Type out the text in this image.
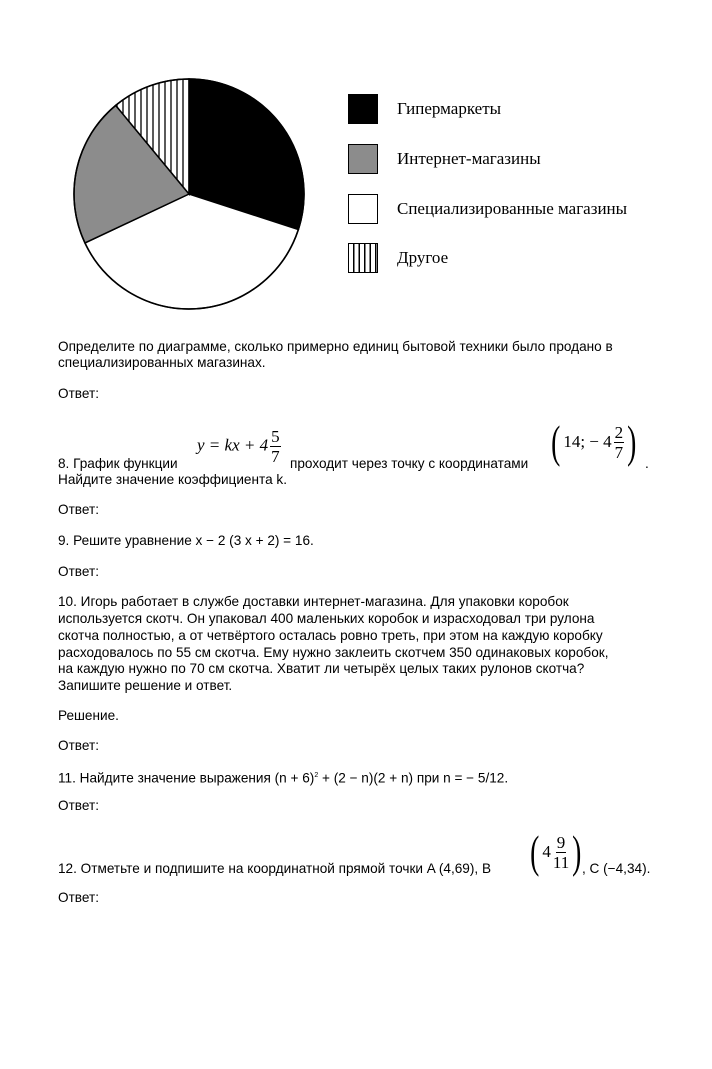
Гипермаркеты
Интернет-магазины
Специализированные магазины
Другое
Определите по диаграмме, сколько примерно единиц бытовой техники было продано в
специализированных магазинах.
Ответ:
8. График функции
y = kx + $4 \frac{5}{7}$ проходит через точку с координатами ( 14; − $4 \frac{2}{7}$ ) .
Найдите значение коэффициента k.
Ответ:
9. Решите уравнение x − 2 (3 x + 2) = 16.
Ответ:
10. Игорь работает в службе доставки интернет-магазина. Для упаковки коробок
используется скотч. Он упаковал 400 маленьких коробок и израсходовал три рулона
скотча полностью, а от четвёртого осталась ровно треть, при этом на каждую коробку
расходовалось по 55 см скотча. Ему нужно заклеить скотчем 350 одинаковых коробок,
на каждую нужно по 70 см скотча. Хватит ли четырёх целых таких рулонов скотча?
Запишите решение и ответ.
Решение.
Ответ:
11. Найдите значение выражения $(n + 6)^2 + (2 - n)(2 + n)$ при n = − 5/12.
Ответ:
12. Отметьте и подпишите на координатной прямой точки A (4,69), B ( $4 \frac{9}{11}$ ) , C (−4,34).
Ответ:
